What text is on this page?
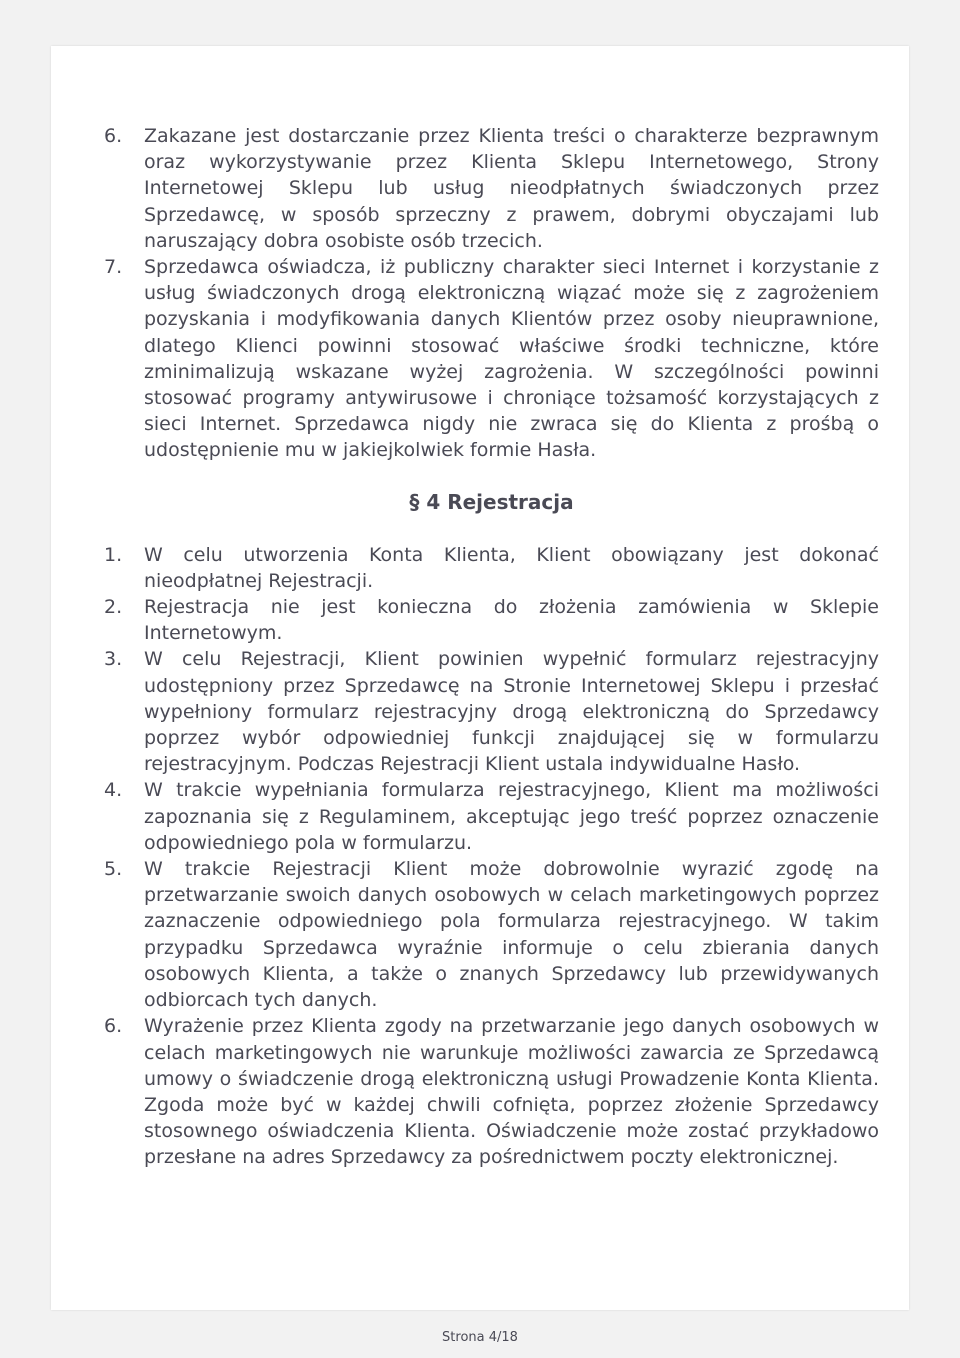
6.	Zakazane jest dostarczanie przez Klienta treści o charakterze bezprawnym oraz wykorzystywanie przez Klienta Sklepu Internetowego, Strony Internetowej Sklepu lub usług nieodpłatnych świadczonych przez Sprzedawcę, w sposób sprzeczny z prawem, dobrymi obyczajami lub naruszający dobra osobiste osób trzecich.
7.	Sprzedawca oświadcza, iż publiczny charakter sieci Internet i korzystanie z usług świadczonych drogą elektroniczną wiązać może się z zagrożeniem pozyskania i modyfikowania danych Klientów przez osoby nieuprawnione, dlatego Klienci powinni stosować właściwe środki techniczne, które zminimalizują wskazane wyżej zagrożenia. W szczególności powinni stosować programy antywirusowe i chroniące tożsamość korzystających z sieci Internet. Sprzedawca nigdy nie zwraca się do Klienta z prośbą o udostępnienie mu w jakiejkolwiek formie Hasła.
§ 4 Rejestracja
1.	W celu utworzenia Konta Klienta, Klient obowiązany jest dokonać nieodpłatnej Rejestracji.
2.	Rejestracja nie jest konieczna do złożenia zamówienia w Sklepie Internetowym.
3.	W celu Rejestracji, Klient powinien wypełnić formularz rejestracyjny udostępniony przez Sprzedawcę na Stronie Internetowej Sklepu i przesłać wypełniony formularz rejestracyjny drogą elektroniczną do Sprzedawcy poprzez wybór odpowiedniej funkcji znajdującej się w formularzu rejestracyjnym. Podczas Rejestracji Klient ustala indywidualne Hasło.
4.	W trakcie wypełniania formularza rejestracyjnego, Klient ma możliwości zapoznania się z Regulaminem, akceptując jego treść poprzez oznaczenie odpowiedniego pola w formularzu.
5.	W trakcie Rejestracji Klient może dobrowolnie wyrazić zgodę na przetwarzanie swoich danych osobowych w celach marketingowych poprzez zaznaczenie odpowiedniego pola formularza rejestracyjnego. W takim przypadku Sprzedawca wyraźnie informuje o celu zbierania danych osobowych Klienta, a także o znanych Sprzedawcy lub przewidywanych odbiorcach tych danych.
6.	Wyrażenie przez Klienta zgody na przetwarzanie jego danych osobowych w celach marketingowych nie warunkuje możliwości zawarcia ze Sprzedawcą umowy o świadczenie drogą elektroniczną usługi Prowadzenie Konta Klienta. Zgoda może być w każdej chwili cofnięta, poprzez złożenie Sprzedawcy stosownego oświadczenia Klienta. Oświadczenie może zostać przykładowo przesłane na adres Sprzedawcy za pośrednictwem poczty elektronicznej.
Strona 4/18
